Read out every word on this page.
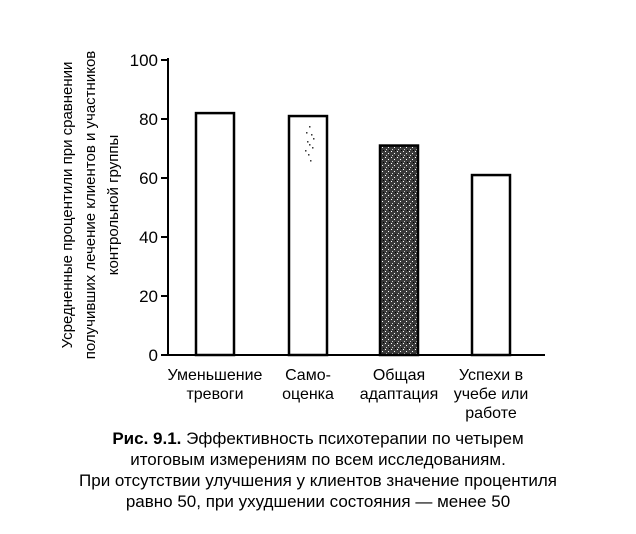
0
20
40
60
80
100
Усредненные процентили при сравнении получивших лечение клиентов и участников контрольной группы
Уменьшение тревоги
Само-оценка
Общая адаптация
Успехи в учебе или работе
Рис. 9.1. Эффективность психотерапии по четырем
итоговым измерениям по всем исследованиям.
При отсутствии улучшения у клиентов значение процентиля
равно 50, при ухудшении состояния — менее 50
